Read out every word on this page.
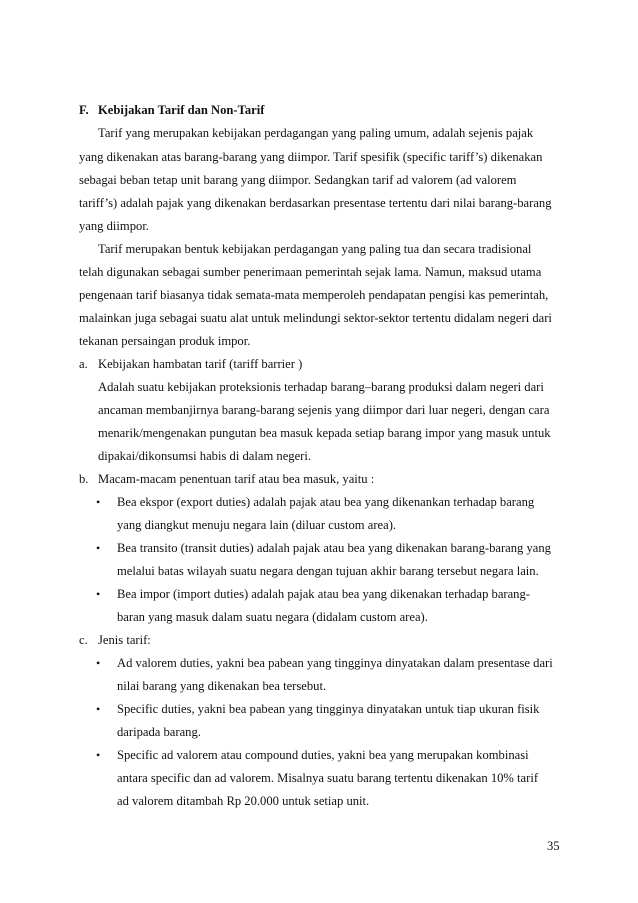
F. Kebijakan Tarif dan Non-Tarif

Tarif yang merupakan kebijakan perdagangan yang paling umum, adalah sejenis pajak

yang dikenakan atas barang-barang yang diimpor. Tarif spesifik (specific tariff’s) dikenakan

sebagai beban tetap unit barang yang diimpor. Sedangkan tarif ad valorem (ad valorem

tariff’s) adalah pajak yang dikenakan berdasarkan presentase tertentu dari nilai barang-barang

yang diimpor.

Tarif merupakan bentuk kebijakan perdagangan yang paling tua dan secara tradisional

telah digunakan sebagai sumber penerimaan pemerintah sejak lama. Namun, maksud utama

pengenaan tarif biasanya tidak semata-mata memperoleh pendapatan pengisi kas pemerintah,

malainkan juga sebagai suatu alat untuk melindungi sektor-sektor tertentu didalam negeri dari

tekanan persaingan produk impor.

a. Kebijakan hambatan tarif (tariff barrier )

Adalah suatu kebijakan proteksionis terhadap barang–barang produksi dalam negeri dari

ancaman membanjirnya barang-barang sejenis yang diimpor dari luar negeri, dengan cara

menarik/mengenakan pungutan bea masuk kepada setiap barang impor yang masuk untuk

dipakai/dikonsumsi habis di dalam negeri.

b. Macam-macam penentuan tarif atau bea masuk, yaitu :
• Bea ekspor (export duties) adalah pajak atau bea yang dikenankan terhadap barang

yang diangkut menuju negara lain (diluar custom area).

• Bea transito (transit duties) adalah pajak atau bea yang dikenakan barang-barang yang

melalui batas wilayah suatu negara dengan tujuan akhir barang tersebut negara lain.

• Bea impor (import duties) adalah pajak atau bea yang dikenakan terhadap barang-

baran yang masuk dalam suatu negara (didalam custom area).

c. Jenis tarif:
• Ad valorem duties, yakni bea pabean yang tingginya dinyatakan dalam presentase dari

nilai barang yang dikenakan bea tersebut.

• Specific duties, yakni bea pabean yang tingginya dinyatakan untuk tiap ukuran fisik

daripada barang.

• Specific ad valorem atau compound duties, yakni bea yang merupakan kombinasi

antara specific dan ad valorem. Misalnya suatu barang tertentu dikenakan 10% tarif

ad valorem ditambah Rp 20.000 untuk setiap unit.

35
